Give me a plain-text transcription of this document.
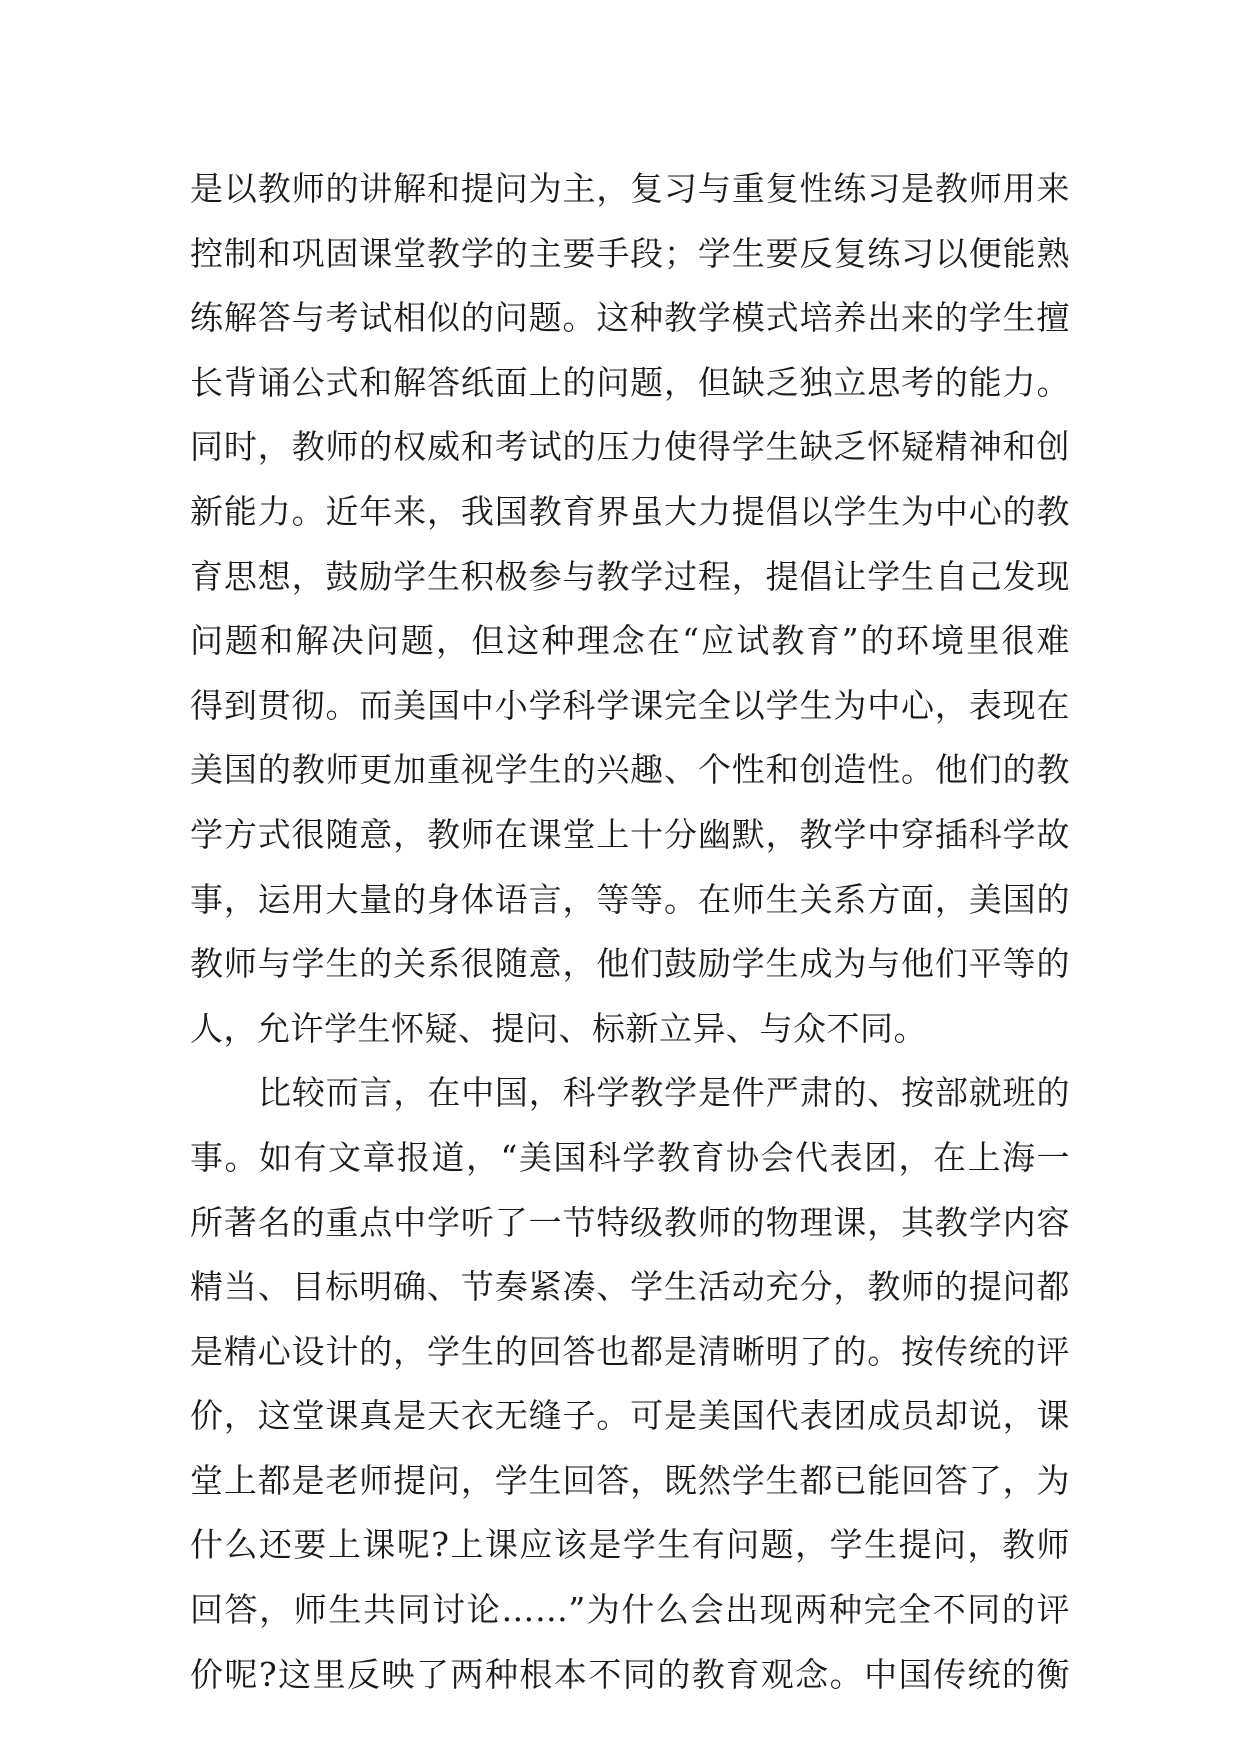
是以教师的讲解和提问为主，复习与重复性练习是教师用来
控制和巩固课堂教学的主要手段；学生要反复练习以便能熟
练解答与考试相似的问题。这种教学模式培养出来的学生擅
长背诵公式和解答纸面上的问题，但缺乏独立思考的能力。
同时，教师的权威和考试的压力使得学生缺乏怀疑精神和创
新能力。近年来，我国教育界虽大力提倡以学生为中心的教
育思想，鼓励学生积极参与教学过程，提倡让学生自己发现
问题和解决问题，但这种理念在“应试教育”的环境里很难
得到贯彻。而美国中小学科学课完全以学生为中心，表现在
美国的教师更加重视学生的兴趣、个性和创造性。他们的教
学方式很随意，教师在课堂上十分幽默，教学中穿插科学故
事，运用大量的身体语言，等等。在师生关系方面，美国的
教师与学生的关系很随意，他们鼓励学生成为与他们平等的
人，允许学生怀疑、提问、标新立异、与众不同。
比较而言，在中国，科学教学是件严肃的、按部就班的
事。如有文章报道，“美国科学教育协会代表团，在上海一
所著名的重点中学听了一节特级教师的物理课，其教学内容
精当、目标明确、节奏紧凑、学生活动充分，教师的提问都
是精心设计的，学生的回答也都是清晰明了的。按传统的评
价，这堂课真是天衣无缝子。可是美国代表团成员却说，课
堂上都是老师提问，学生回答，既然学生都已能回答了，为
什么还要上课呢?上课应该是学生有问题，学生提问，教师
回答，师生共同讨论……”为什么会出现两种完全不同的评
价呢?这里反映了两种根本不同的教育观念。中国传统的衡
